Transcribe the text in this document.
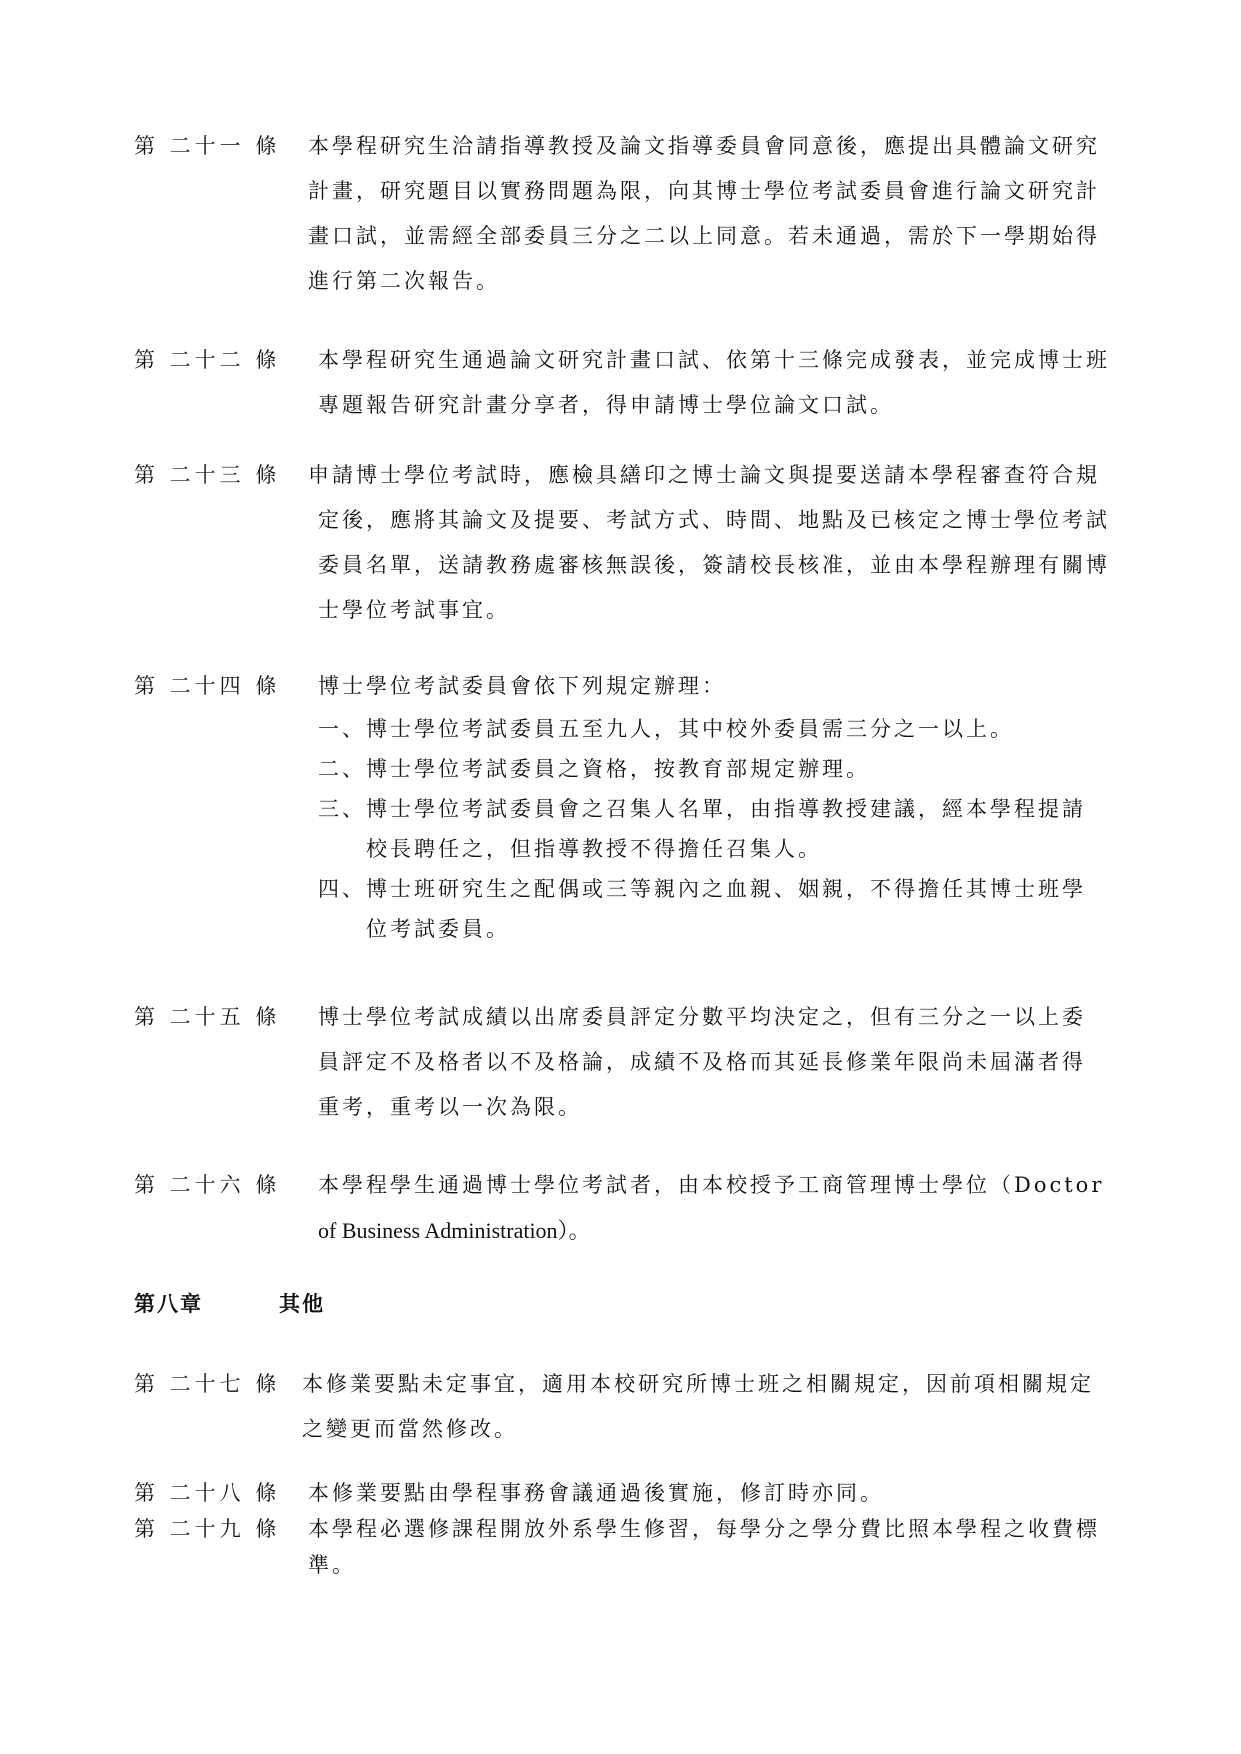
第 二十一 條 本學程研究生洽請指導教授及論文指導委員會同意後，應提出具體論文研究
計畫，研究題目以實務問題為限，向其博士學位考試委員會進行論文研究計
畫口試，並需經全部委員三分之二以上同意。若未通過，需於下一學期始得
進行第二次報告。
第 二十二 條 本學程研究生通過論文研究計畫口試、依第十三條完成發表，並完成博士班
專題報告研究計畫分享者，得申請博士學位論文口試。
第 二十三 條 申請博士學位考試時，應檢具繕印之博士論文與提要送請本學程審查符合規
定後，應將其論文及提要、考試方式、時間、地點及已核定之博士學位考試
委員名單，送請教務處審核無誤後，簽請校長核准，並由本學程辦理有關博
士學位考試事宜。
第 二十四 條 博士學位考試委員會依下列規定辦理：
一、博士學位考試委員五至九人，其中校外委員需三分之一以上。
二、博士學位考試委員之資格，按教育部規定辦理。
三、博士學位考試委員會之召集人名單，由指導教授建議，經本學程提請
校長聘任之，但指導教授不得擔任召集人。
四、博士班研究生之配偶或三等親內之血親、姻親，不得擔任其博士班學
位考試委員。
第 二十五 條 博士學位考試成績以出席委員評定分數平均決定之，但有三分之一以上委
員評定不及格者以不及格論，成績不及格而其延長修業年限尚未屆滿者得
重考，重考以一次為限。
第 二十六 條 本學程學生通過博士學位考試者，由本校授予工商管理博士學位（Doctor
of Business Administration）。
第八章	其他
第 二十七 條 本修業要點未定事宜，適用本校研究所博士班之相關規定，因前項相關規定
之變更而當然修改。
第 二十八 條 本修業要點由學程事務會議通過後實施，修訂時亦同。
第 二十九 條 本學程必選修課程開放外系學生修習，每學分之學分費比照本學程之收費標
準。
